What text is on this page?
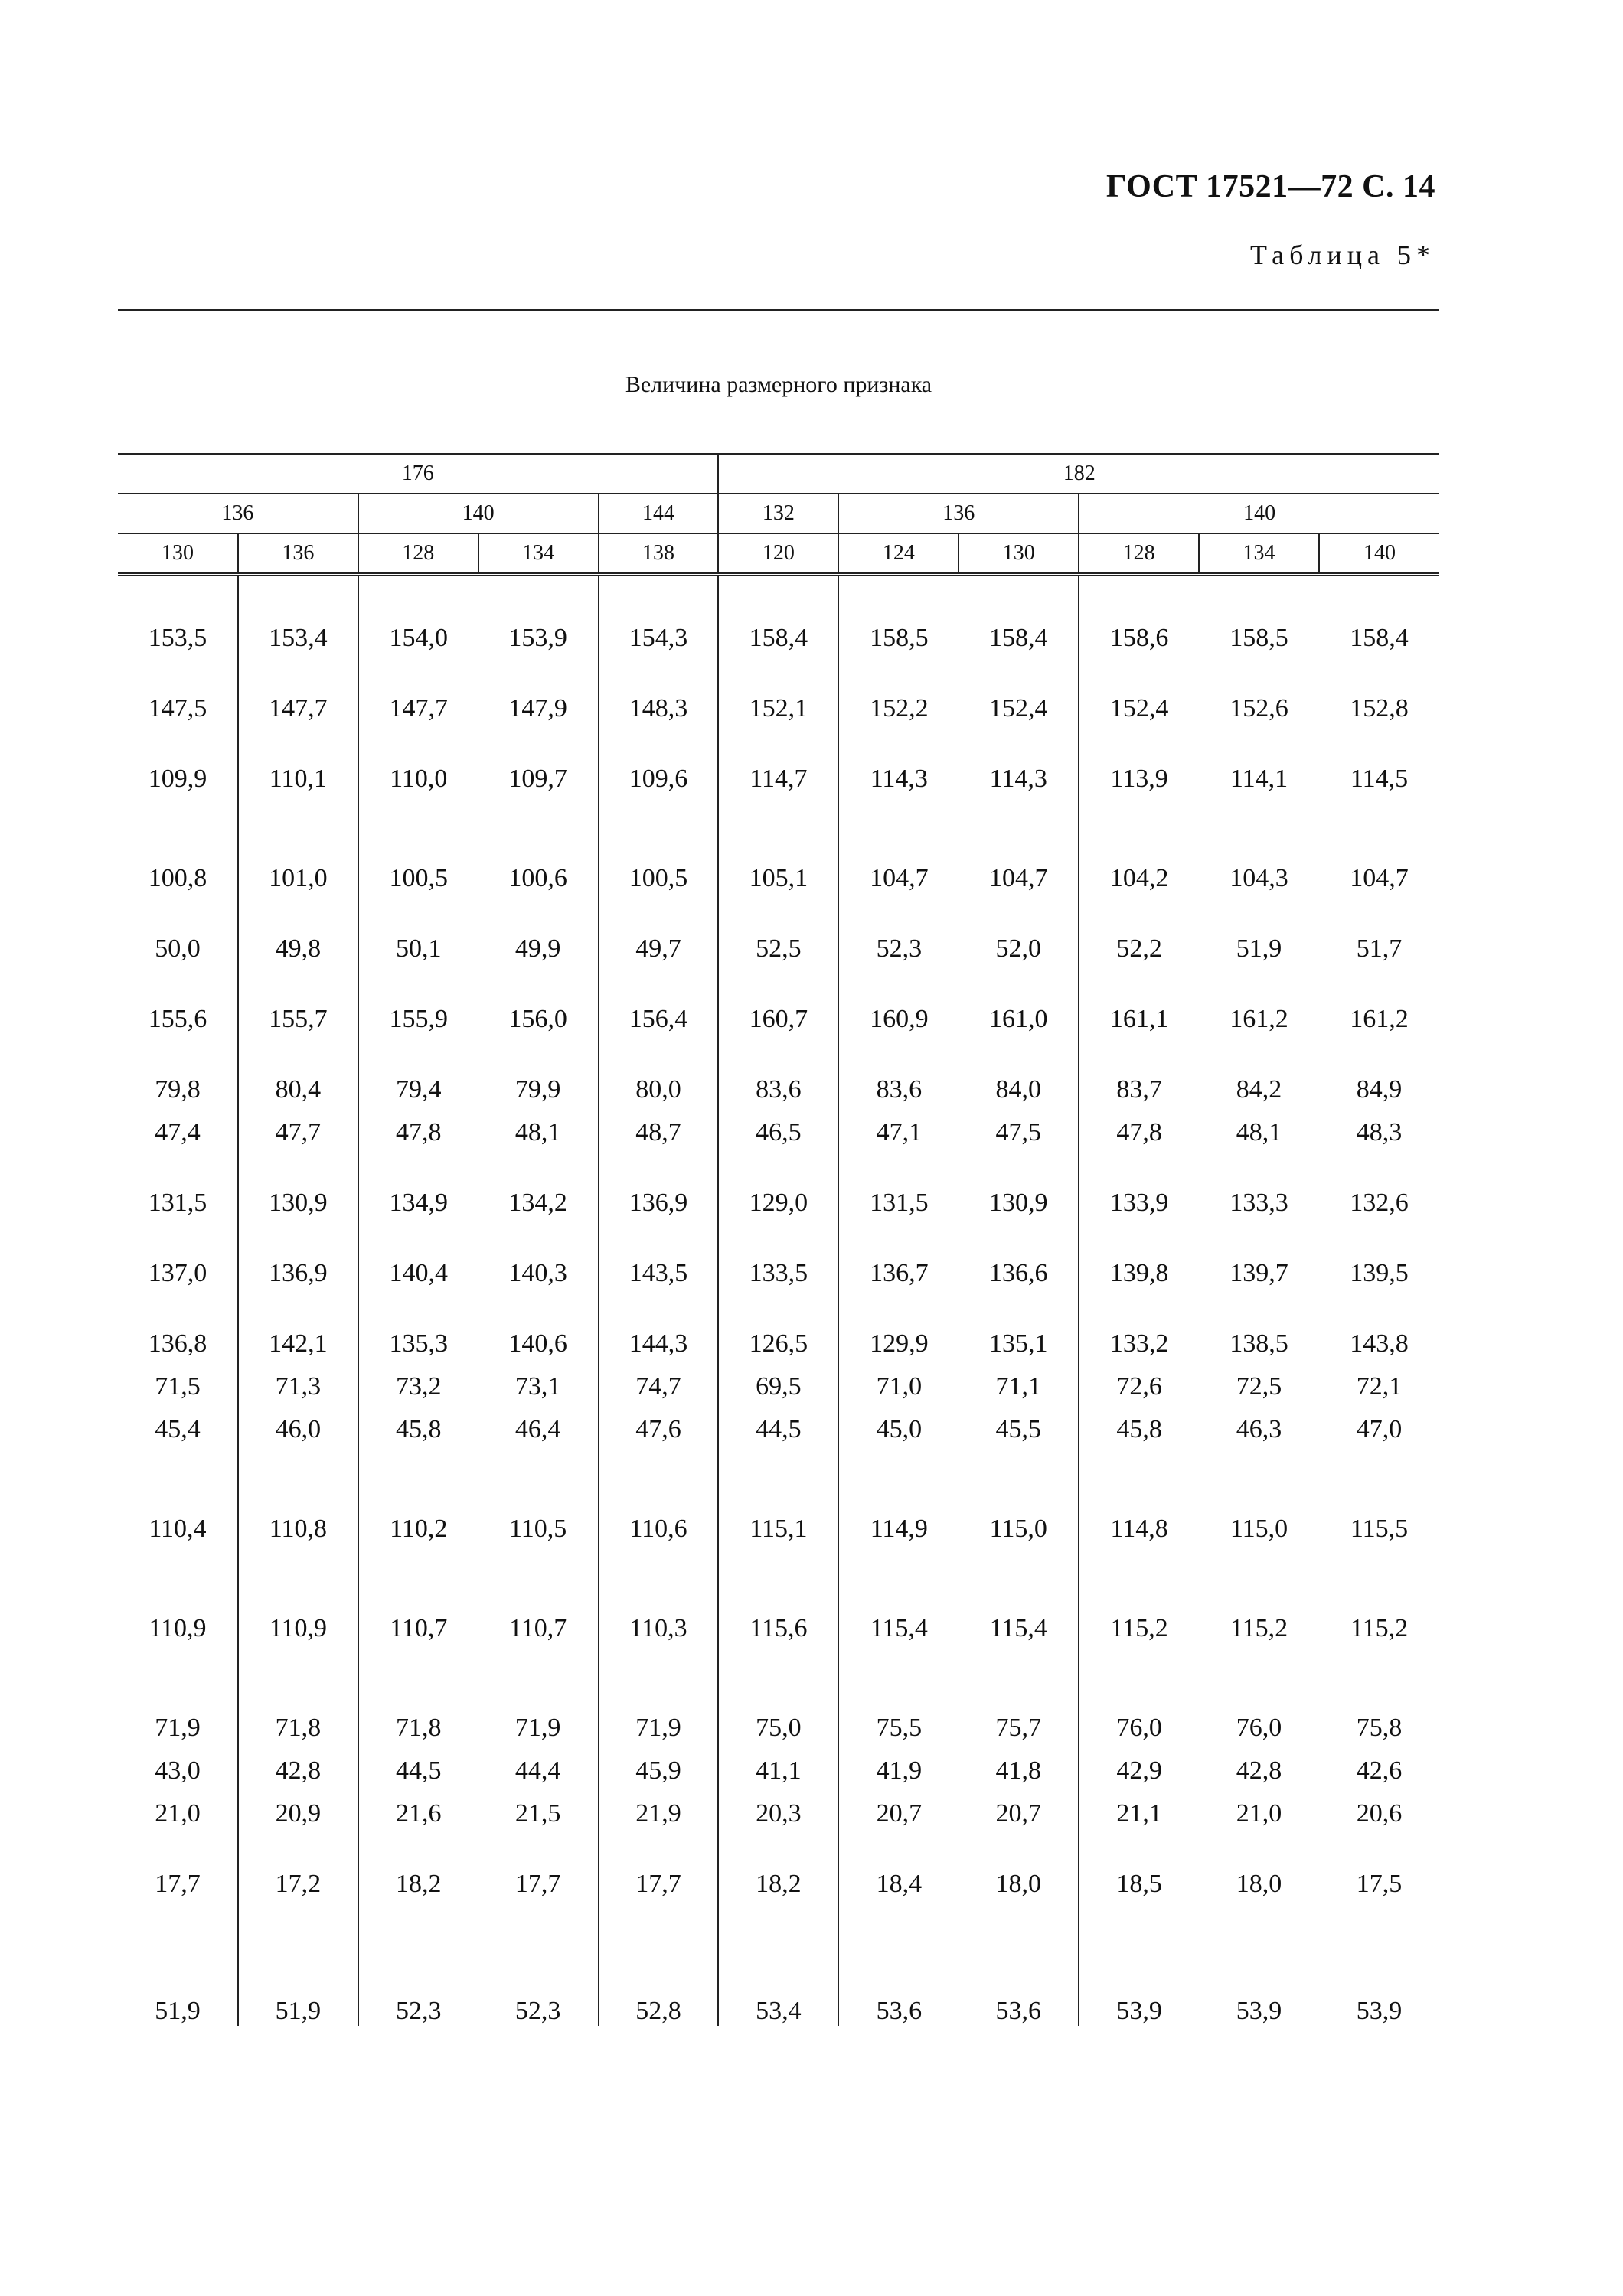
ГОСТ 17521—72 С. 14
Таблица 5*
Величина размерного признака
176					182					
136		140		144	132	136		140		
130	136	128	134	138	120	124	130	128	134	140
153,5	153,4	154,0	153,9	154,3	158,4	158,5	158,4	158,6	158,5	158,4
147,5	147,7	147,7	147,9	148,3	152,1	152,2	152,4	152,4	152,6	152,8
109,9	110,1	110,0	109,7	109,6	114,7	114,3	114,3	113,9	114,1	114,5
100,8	101,0	100,5	100,6	100,5	105,1	104,7	104,7	104,2	104,3	104,7
50,0	49,8	50,1	49,9	49,7	52,5	52,3	52,0	52,2	51,9	51,7
155,6	155,7	155,9	156,0	156,4	160,7	160,9	161,0	161,1	161,2	161,2
79,8	80,4	79,4	79,9	80,0	83,6	83,6	84,0	83,7	84,2	84,9
47,4	47,7	47,8	48,1	48,7	46,5	47,1	47,5	47,8	48,1	48,3
131,5	130,9	134,9	134,2	136,9	129,0	131,5	130,9	133,9	133,3	132,6
137,0	136,9	140,4	140,3	143,5	133,5	136,7	136,6	139,8	139,7	139,5
136,8	142,1	135,3	140,6	144,3	126,5	129,9	135,1	133,2	138,5	143,8
71,5	71,3	73,2	73,1	74,7	69,5	71,0	71,1	72,6	72,5	72,1
45,4	46,0	45,8	46,4	47,6	44,5	45,0	45,5	45,8	46,3	47,0
110,4	110,8	110,2	110,5	110,6	115,1	114,9	115,0	114,8	115,0	115,5
110,9	110,9	110,7	110,7	110,3	115,6	115,4	115,4	115,2	115,2	115,2
71,9	71,8	71,8	71,9	71,9	75,0	75,5	75,7	76,0	76,0	75,8
43,0	42,8	44,5	44,4	45,9	41,1	41,9	41,8	42,9	42,8	42,6
21,0	20,9	21,6	21,5	21,9	20,3	20,7	20,7	21,1	21,0	20,6
17,7	17,2	18,2	17,7	17,7	18,2	18,4	18,0	18,5	18,0	17,5
51,9	51,9	52,3	52,3	52,8	53,4	53,6	53,6	53,9	53,9	53,9
